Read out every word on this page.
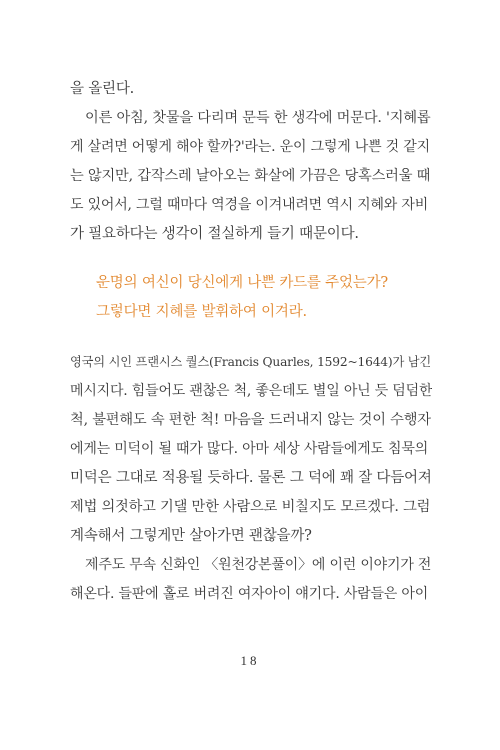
을 올린다.
이른 아침, 찻물을 다리며 문득 한 생각에 머문다. '지혜롭
게 살려면 어떻게 해야 할까?'라는. 운이 그렇게 나쁜 것 같지
는 않지만, 갑작스레 날아오는 화살에 가끔은 당혹스러울 때
도 있어서, 그럴 때마다 역경을 이겨내려면 역시 지혜와 자비
가 필요하다는 생각이 절실하게 들기 때문이다.
운명의 여신이 당신에게 나쁜 카드를 주었는가?
그렇다면 지혜를 발휘하여 이겨라.
영국의 시인 프랜시스 퀄스(Francis Quarles, 1592~1644)가 남긴
메시지다. 힘들어도 괜찮은 척, 좋은데도 별일 아닌 듯 덤덤한
척, 불편해도 속 편한 척! 마음을 드러내지 않는 것이 수행자
에게는 미덕이 될 때가 많다. 아마 세상 사람들에게도 침묵의
미덕은 그대로 적용될 듯하다. 물론 그 덕에 꽤 잘 다듬어져
제법 의젓하고 기댈 만한 사람으로 비칠지도 모르겠다. 그럼
계속해서 그렇게만 살아가면 괜찮을까?
제주도 무속 신화인 〈원천강본풀이〉에 이런 이야기가 전
해온다. 들판에 홀로 버려진 여자아이 얘기다. 사람들은 아이
18
